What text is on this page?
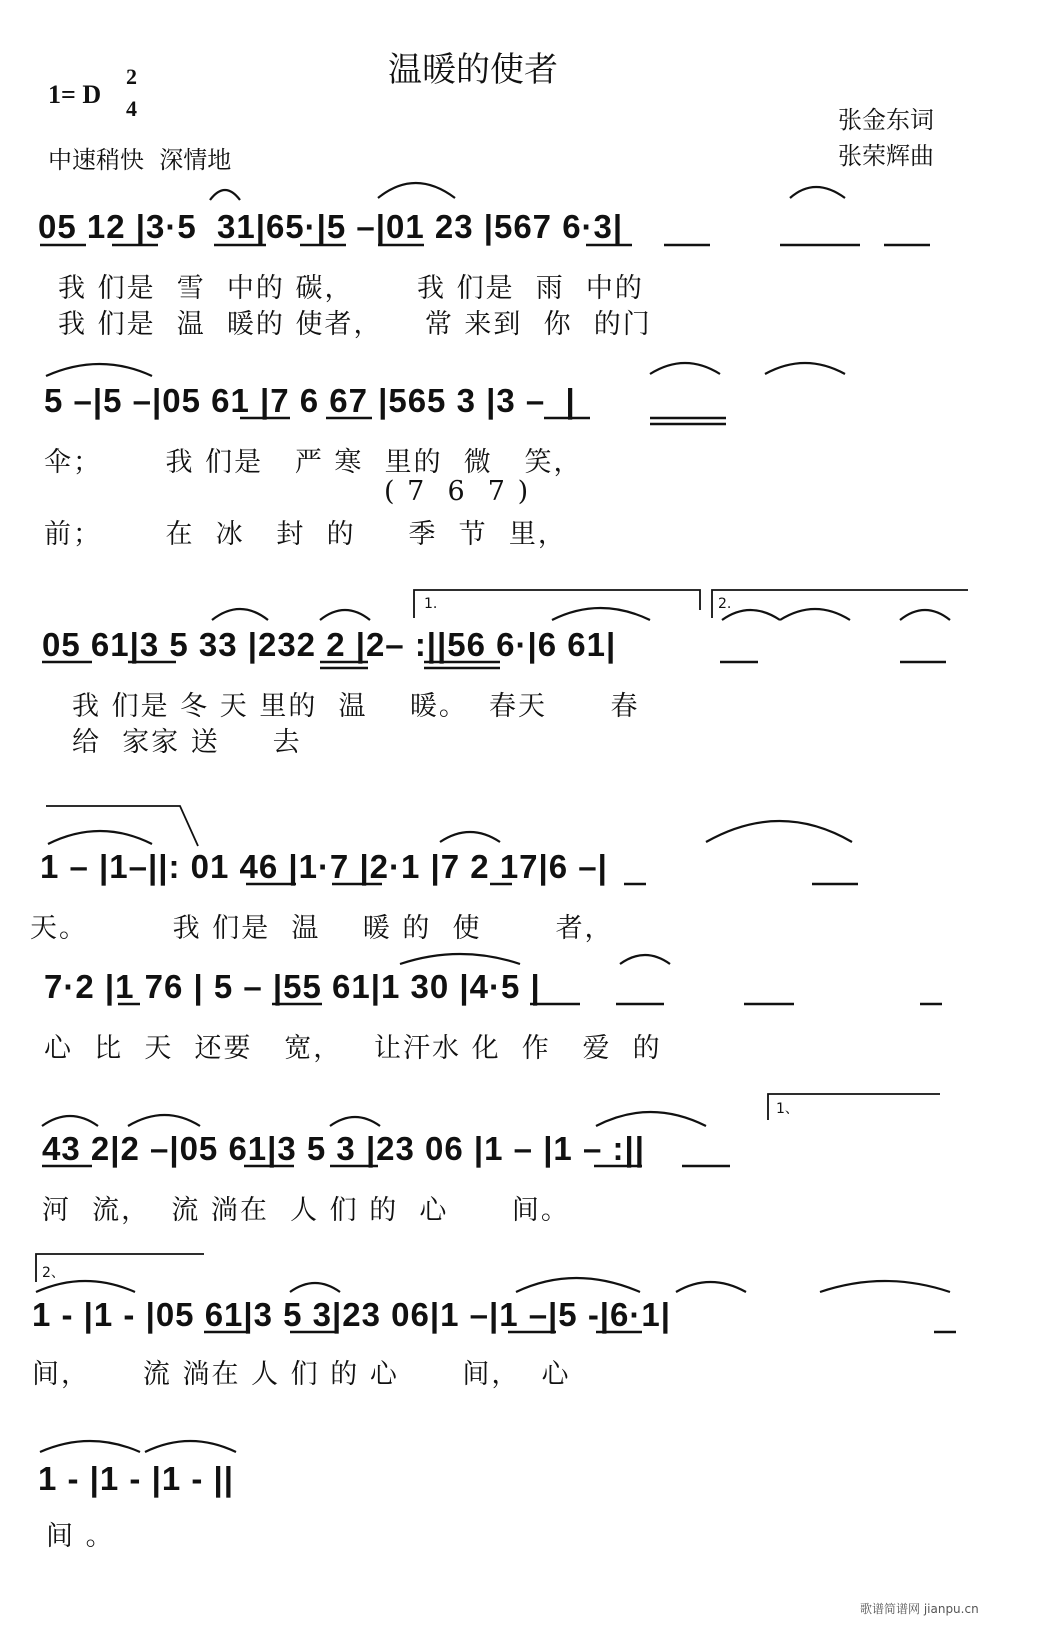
温暖的使者
1= D
2
4
中速稍快  深情地
张金东词
张荣辉曲
05 12 |3·5  31|65·|5 –|01 23 |567 6·3|
我 们是  雪  中的 碳，      我 们是  雨  中的
我 们是  温  暖的 使者，    常 来到  你  的门
5 –|5 –|05 61 |7 6 67 |565 3 |3 –  |
伞；      我 们是   严 寒  里的  微   笑，
( 7  6  7 )
前；      在  冰   封  的     季  节  里，
05 61|3 5 33 |232 2 |2– :||56 6·|6 61|
1.	2.
我 们是 冬 天 里的  温    暖。  春天      春
给  家家 送     去
1 – |1–||: 01 46 |1·7 |2·1 |7 2 17|6 –|
天。        我 们是  温    暖 的  使       者，
7·2 |1 76 | 5 – |55 61|1 30 |4·5 |
心  比  天  还要   宽，   让汗水 化  作   爱  的
43 2|2 –|05 61|3 5 3 |23 06 |1 – |1 – :||
1、
河  流，  流 淌在  人 们 的  心      间。
1 - |1 - |05 61|3 5 3|23 06|1 –|1 –|5 -|6·1|
2、
间，     流 淌在 人 们 的 心      间，  心
1 - |1 - |1 - ||
间 。
歌谱简谱网 jianpu.cn
